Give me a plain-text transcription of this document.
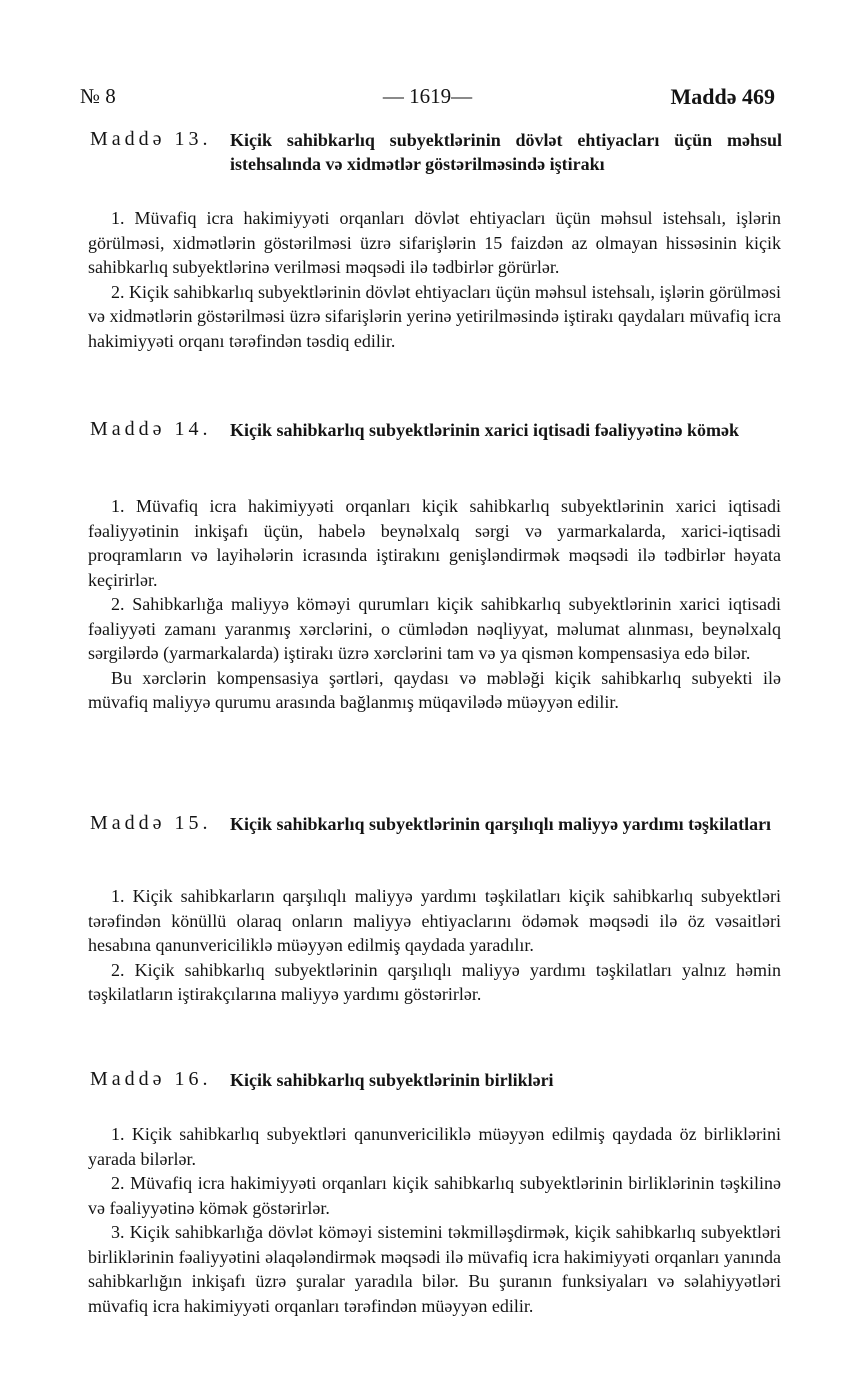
№ 8	— 1619—	Maddə 469
Maddə 13. Kiçik sahibkarlıq subyektlərinin dövlət ehtiyacları üçün məhsul istehsalında və xidmətlər göstərilməsində iştirakı

1. Müvafiq icra hakimiyyəti orqanları dövlət ehtiyacları üçün məhsul istehsalı, işlərin görülməsi, xidmətlərin göstərilməsi üzrə sifarişlərin 15 faizdən az olmayan hissəsinin kiçik sahibkarlıq subyektlərinə verilməsi məqsədi ilə tədbirlər görürlər.

2. Kiçik sahibkarlıq subyektlərinin dövlət ehtiyacları üçün məhsul istehsalı, işlərin görülməsi və xidmətlərin göstərilməsi üzrə sifarişlərin yerinə yetirilməsində iştirakı qaydaları müvafiq icra hakimiyyəti orqanı tərəfindən təsdiq edilir.

Maddə 14. Kiçik sahibkarlıq subyektlərinin xarici iqtisadi fəaliyyətinə kömək

1. Müvafiq icra hakimiyyəti orqanları kiçik sahibkarlıq subyektlərinin xarici iqtisadi fəaliyyətinin inkişafı üçün, habelə beynəlxalq sərgi və yarmarkalarda, xarici-iqtisadi proqramların və layihələrin icrasında iştirakını genişləndirmək məqsədi ilə tədbirlər həyata keçirirlər.

2. Sahibkarlığa maliyyə köməyi qurumları kiçik sahibkarlıq subyektlərinin xarici iqtisadi fəaliyyəti zamanı yaranmış xərclərini, o cümlədən nəqliyyat, məlumat alınması, beynəlxalq sərgilərdə (yarmarkalarda) iştirakı üzrə xərclərini tam və ya qismən kompensasiya edə bilər.

Bu xərclərin kompensasiya şərtləri, qaydası və məbləği kiçik sahibkarlıq subyekti ilə müvafiq maliyyə qurumu arasında bağlanmış müqavilədə müəyyən edilir.

Maddə 15. Kiçik sahibkarlıq subyektlərinin qarşılıqlı maliyyə yardımı təşkilatları

1. Kiçik sahibkarların qarşılıqlı maliyyə yardımı təşkilatları kiçik sahibkarlıq subyektləri tərəfindən könüllü olaraq onların maliyyə ehtiyaclarını ödəmək məqsədi ilə öz vəsaitləri hesabına qanunvericiliklə müəyyən edilmiş qaydada yaradılır.

2. Kiçik sahibkarlıq subyektlərinin qarşılıqlı maliyyə yardımı təşkilatları yalnız həmin təşkilatların iştirakçılarına maliyyə yardımı göstərirlər.

Maddə 16. Kiçik sahibkarlıq subyektlərinin birlikləri

1. Kiçik sahibkarlıq subyektləri qanunvericiliklə müəyyən edilmiş qaydada öz birliklərini yarada bilərlər.

2. Müvafiq icra hakimiyyəti orqanları kiçik sahibkarlıq subyektlərinin birliklərinin təşkilinə və fəaliyyətinə kömək göstərirlər.

3. Kiçik sahibkarlığa dövlət köməyi sistemini təkmilləşdirmək, kiçik sahibkarlıq subyektləri birliklərinin fəaliyyətini əlaqələndirmək məqsədi ilə müvafiq icra hakimiyyəti orqanları yanında sahibkarlığın inkişafı üzrə şuralar yaradıla bilər. Bu şuranın funksiyaları və səlahiyyətləri müvafiq icra hakimiyyəti orqanları tərəfindən müəyyən edilir.
